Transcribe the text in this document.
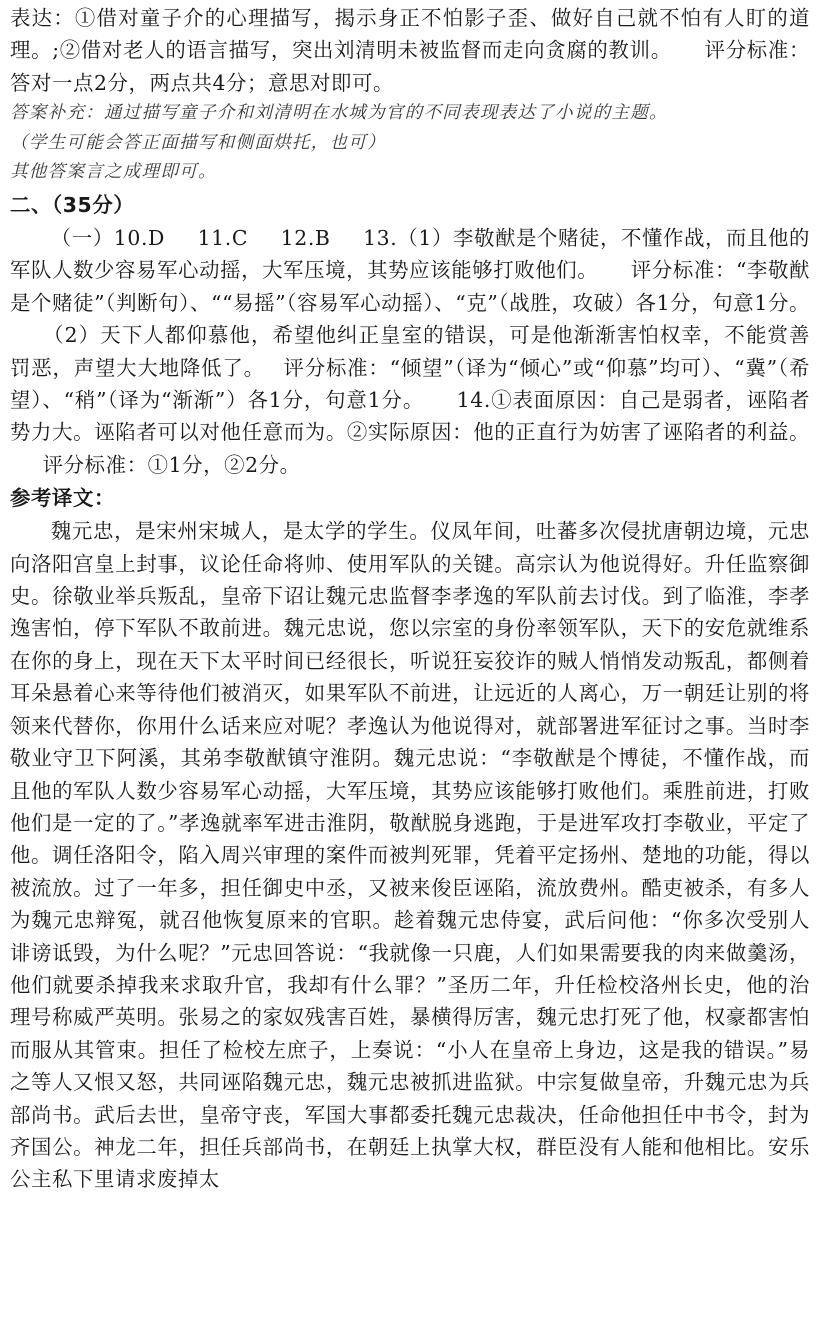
表达：①借对童子介的心理描写，揭示身正不怕影子歪、做好自己就不怕有人盯的道理。;②借对老人的语言描写，突出刘清明未被监督而走向贪腐的教训。 评分标准：答对一点2分，两点共4分；意思对即可。

答案补充：通过描写童子介和刘清明在水城为官的不同表现表达了小说的主题。

（学生可能会答正面描写和侧面烘托，也可）

其他答案言之成理即可。

二、（35分）

（一）10.D 11.C 12.B 13.（1）李敬猷是个赌徒，不懂作战，而且他的军队人数少容易军心动摇，大军压境，其势应该能够打败他们。 评分标准：“李敬猷是个赌徒”（判断句）、““易摇”（容易军心动摇）、“克”（战胜，攻破）各1分，句意1分。（2）天下人都仰慕他，希望他纠正皇室的错误，可是他渐渐害怕权幸，不能赏善罚恶，声望大大地降低了。 评分标准：“倾望”（译为“倾心”或“仰慕”均可）、“冀”（希望）、“稍”（译为“渐渐”）各1分，句意1分。 14.①表面原因：自己是弱者，诬陷者势力大。诬陷者可以对他任意而为。②实际原因：他的正直行为妨害了诬陷者的利益。评分标准：①1分，②2分。

参考译文：

魏元忠，是宋州宋城人，是太学的学生。仪凤年间，吐蕃多次侵扰唐朝边境，元忠向洛阳宫皇上封事，议论任命将帅、使用军队的关键。高宗认为他说得好。升任监察御史。徐敬业举兵叛乱，皇帝下诏让魏元忠监督李孝逸的军队前去讨伐。到了临淮，李孝逸害怕，停下军队不敢前进。魏元忠说，您以宗室的身份率领军队，天下的安危就维系在你的身上，现在天下太平时间已经很长，听说狂妄狡诈的贼人悄悄发动叛乱，都侧着耳朵悬着心来等待他们被消灭，如果军队不前进，让远近的人离心，万一朝廷让别的将领来代替你，你用什么话来应对呢？孝逸认为他说得对，就部署进军征讨之事。当时李敬业守卫下阿溪，其弟李敬猷镇守淮阴。魏元忠说：“李敬猷是个博徒，不懂作战，而且他的军队人数少容易军心动摇，大军压境，其势应该能够打败他们。乘胜前进，打败他们是一定的了。”孝逸就率军进击淮阴，敬猷脱身逃跑，于是进军攻打李敬业，平定了他。调任洛阳令，陷入周兴审理的案件而被判死罪，凭着平定扬州、楚地的功能，得以被流放。过了一年多，担任御史中丞，又被来俊臣诬陷，流放费州。酷吏被杀，有多人为魏元忠辩冤，就召他恢复原来的官职。趁着魏元忠侍宴，武后问他：“你多次受别人诽谤诋毁，为什么呢？”元忠回答说：“我就像一只鹿，人们如果需要我的肉来做羹汤，他们就要杀掉我来求取升官，我却有什么罪？”圣历二年，升任检校洛州长史，他的治理号称威严英明。张易之的家奴残害百姓，暴横得厉害，魏元忠打死了他，权豪都害怕而服从其管束。担任了检校左庶子，上奏说：“小人在皇帝上身边，这是我的错误。”易之等人又恨又怒，共同诬陷魏元忠，魏元忠被抓进监狱。中宗复做皇帝，升魏元忠为兵部尚书。武后去世，皇帝守丧，军国大事都委托魏元忠裁决，任命他担任中书令，封为齐国公。神龙二年，担任兵部尚书，在朝廷上执掌大权，群臣没有人能和他相比。安乐公主私下里请求废掉太
